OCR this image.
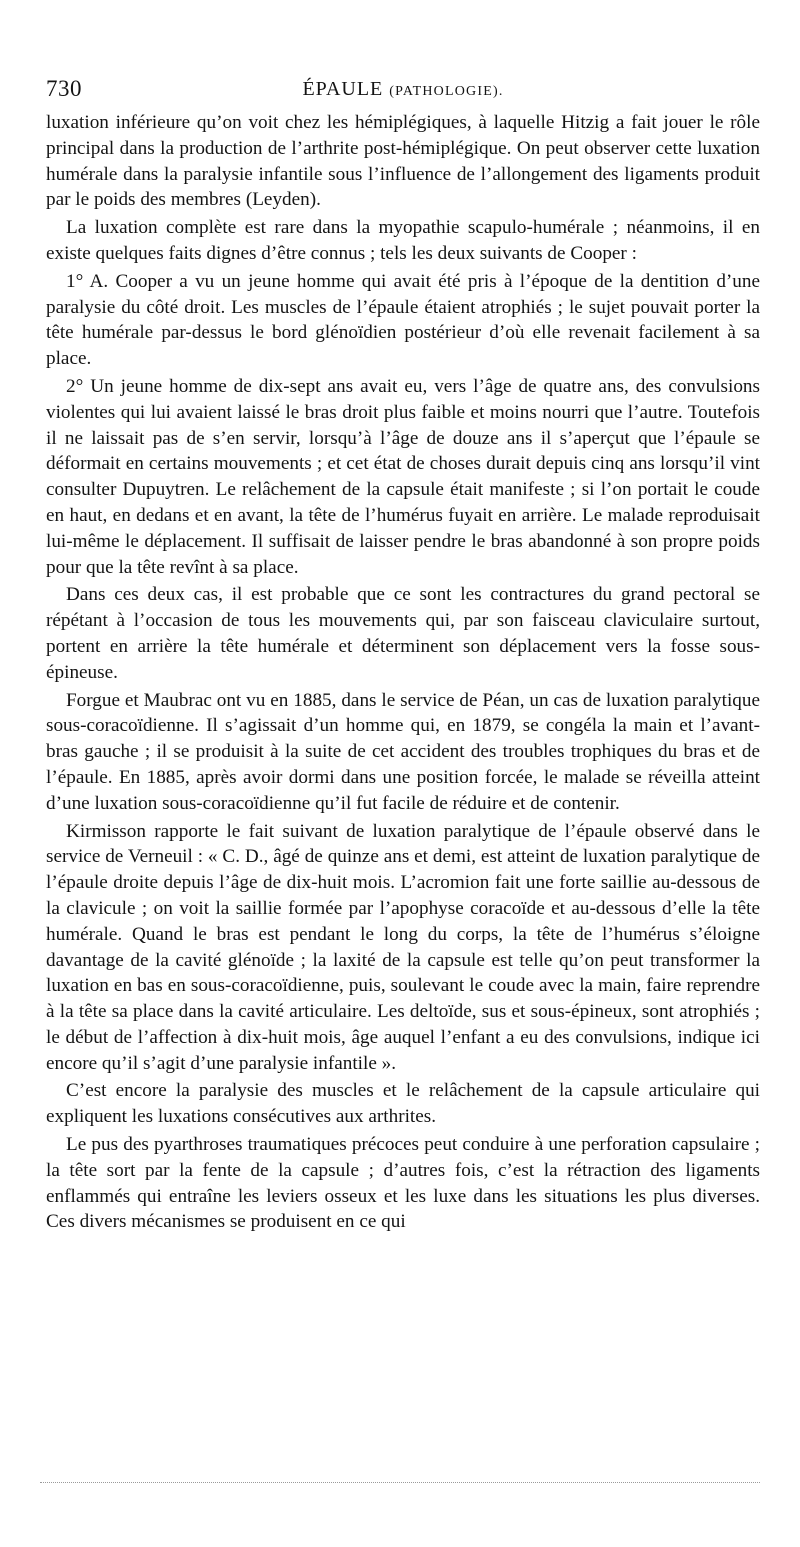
730	ÉPAULE (PATHOLOGIE).

luxation inférieure qu’on voit chez les hémiplégiques, à laquelle Hitzig a fait jouer le rôle principal dans la production de l’arthrite post-hémiplégique. On peut observer cette luxation humérale dans la paralysie infantile sous l’influence de l’allongement des ligaments produit par le poids des membres (Leyden).

La luxation complète est rare dans la myopathie scapulo-humérale ; néanmoins, il en existe quelques faits dignes d’être connus ; tels les deux suivants de Cooper :

1° A. Cooper a vu un jeune homme qui avait été pris à l’époque de la dentition d’une paralysie du côté droit. Les muscles de l’épaule étaient atrophiés ; le sujet pouvait porter la tête humérale par-dessus le bord glénoïdien postérieur d’où elle revenait facilement à sa place.

2° Un jeune homme de dix-sept ans avait eu, vers l’âge de quatre ans, des convulsions violentes qui lui avaient laissé le bras droit plus faible et moins nourri que l’autre. Toutefois il ne laissait pas de s’en servir, lorsqu’à l’âge de douze ans il s’aperçut que l’épaule se déformait en certains mouvements ; et cet état de choses durait depuis cinq ans lorsqu’il vint consulter Dupuytren. Le relâchement de la capsule était manifeste ; si l’on portait le coude en haut, en dedans et en avant, la tête de l’humérus fuyait en arrière. Le malade reproduisait lui-même le déplacement. Il suffisait de laisser pendre le bras abandonné à son propre poids pour que la tête revînt à sa place.

Dans ces deux cas, il est probable que ce sont les contractures du grand pectoral se répétant à l’occasion de tous les mouvements qui, par son faisceau claviculaire surtout, portent en arrière la tête humérale et déterminent son déplacement vers la fosse sous-épineuse.

Forgue et Maubrac ont vu en 1885, dans le service de Péan, un cas de luxation paralytique sous-coracoïdienne. Il s’agissait d’un homme qui, en 1879, se congéla la main et l’avant-bras gauche ; il se produisit à la suite de cet accident des troubles trophiques du bras et de l’épaule. En 1885, après avoir dormi dans une position forcée, le malade se réveilla atteint d’une luxation sous-coracoïdienne qu’il fut facile de réduire et de contenir.

Kirmisson rapporte le fait suivant de luxation paralytique de l’épaule observé dans le service de Verneuil : « C. D., âgé de quinze ans et demi, est atteint de luxation paralytique de l’épaule droite depuis l’âge de dix-huit mois. L’acromion fait une forte saillie au-dessous de la clavicule ; on voit la saillie formée par l’apophyse coracoïde et au-dessous d’elle la tête humérale. Quand le bras est pendant le long du corps, la tête de l’humérus s’éloigne davantage de la cavité glénoïde ; la laxité de la capsule est telle qu’on peut transformer la luxation en bas en sous-coracoïdienne, puis, soulevant le coude avec la main, faire reprendre à la tête sa place dans la cavité articulaire. Les deltoïde, sus et sous-épineux, sont atrophiés ; le début de l’affection à dix-huit mois, âge auquel l’enfant a eu des convulsions, indique ici encore qu’il s’agit d’une paralysie infantile ».

C’est encore la paralysie des muscles et le relâchement de la capsule articulaire qui expliquent les luxations consécutives aux arthrites.

Le pus des pyarthroses traumatiques précoces peut conduire à une perforation capsulaire ; la tête sort par la fente de la capsule ; d’autres fois, c’est la rétraction des ligaments enflammés qui entraîne les leviers osseux et les luxe dans les situations les plus diverses. Ces divers mécanismes se produisent en ce qui
